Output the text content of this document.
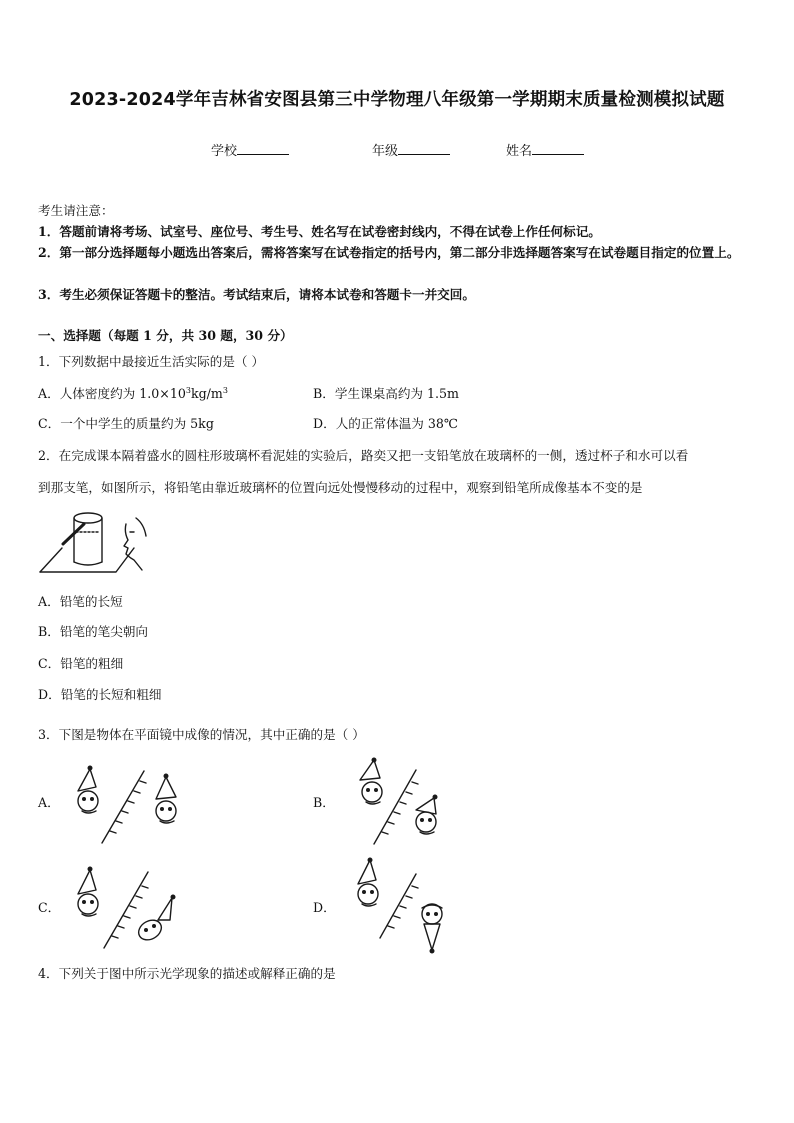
2023-2024学年吉林省安图县第三中学物理八年级第一学期期末质量检测模拟试题
学校	年级	姓名
考生请注意：
1．答题前请将考场、试室号、座位号、考生号、姓名写在试卷密封线内，不得在试卷上作任何标记。
2．第一部分选择题每小题选出答案后，需将答案写在试卷指定的括号内，第二部分非选择题答案写在试卷题目指定的位置上。
3．考生必须保证答题卡的整洁。考试结束后，请将本试卷和答题卡一并交回。
一、选择题（每题 1 分，共 30 题，30 分）
1．下列数据中最接近生活实际的是（ ）
A．人体密度约为 $1.0\times 10^3kg/m^3$	B．学生课桌高约为 1.5m
C．一个中学生的质量约为 5kg	D．人的正常体温为 38℃
2．在完成课本隔着盛水的圆柱形玻璃杯看泥娃的实验后，路奕又把一支铅笔放在玻璃杯的一侧，透过杯子和水可以看
到那支笔，如图所示，将铅笔由靠近玻璃杯的位置向远处慢慢移动的过程中，观察到铅笔所成像基本不变的是
A．铅笔的长短
B．铅笔的笔尖朝向
C．铅笔的粗细
D．铅笔的长短和粗细
3．下图是物体在平面镜中成像的情况，其中正确的是（ ）
A．	B．
C．	D．
4．下列关于图中所示光学现象的描述或解释正确的是
